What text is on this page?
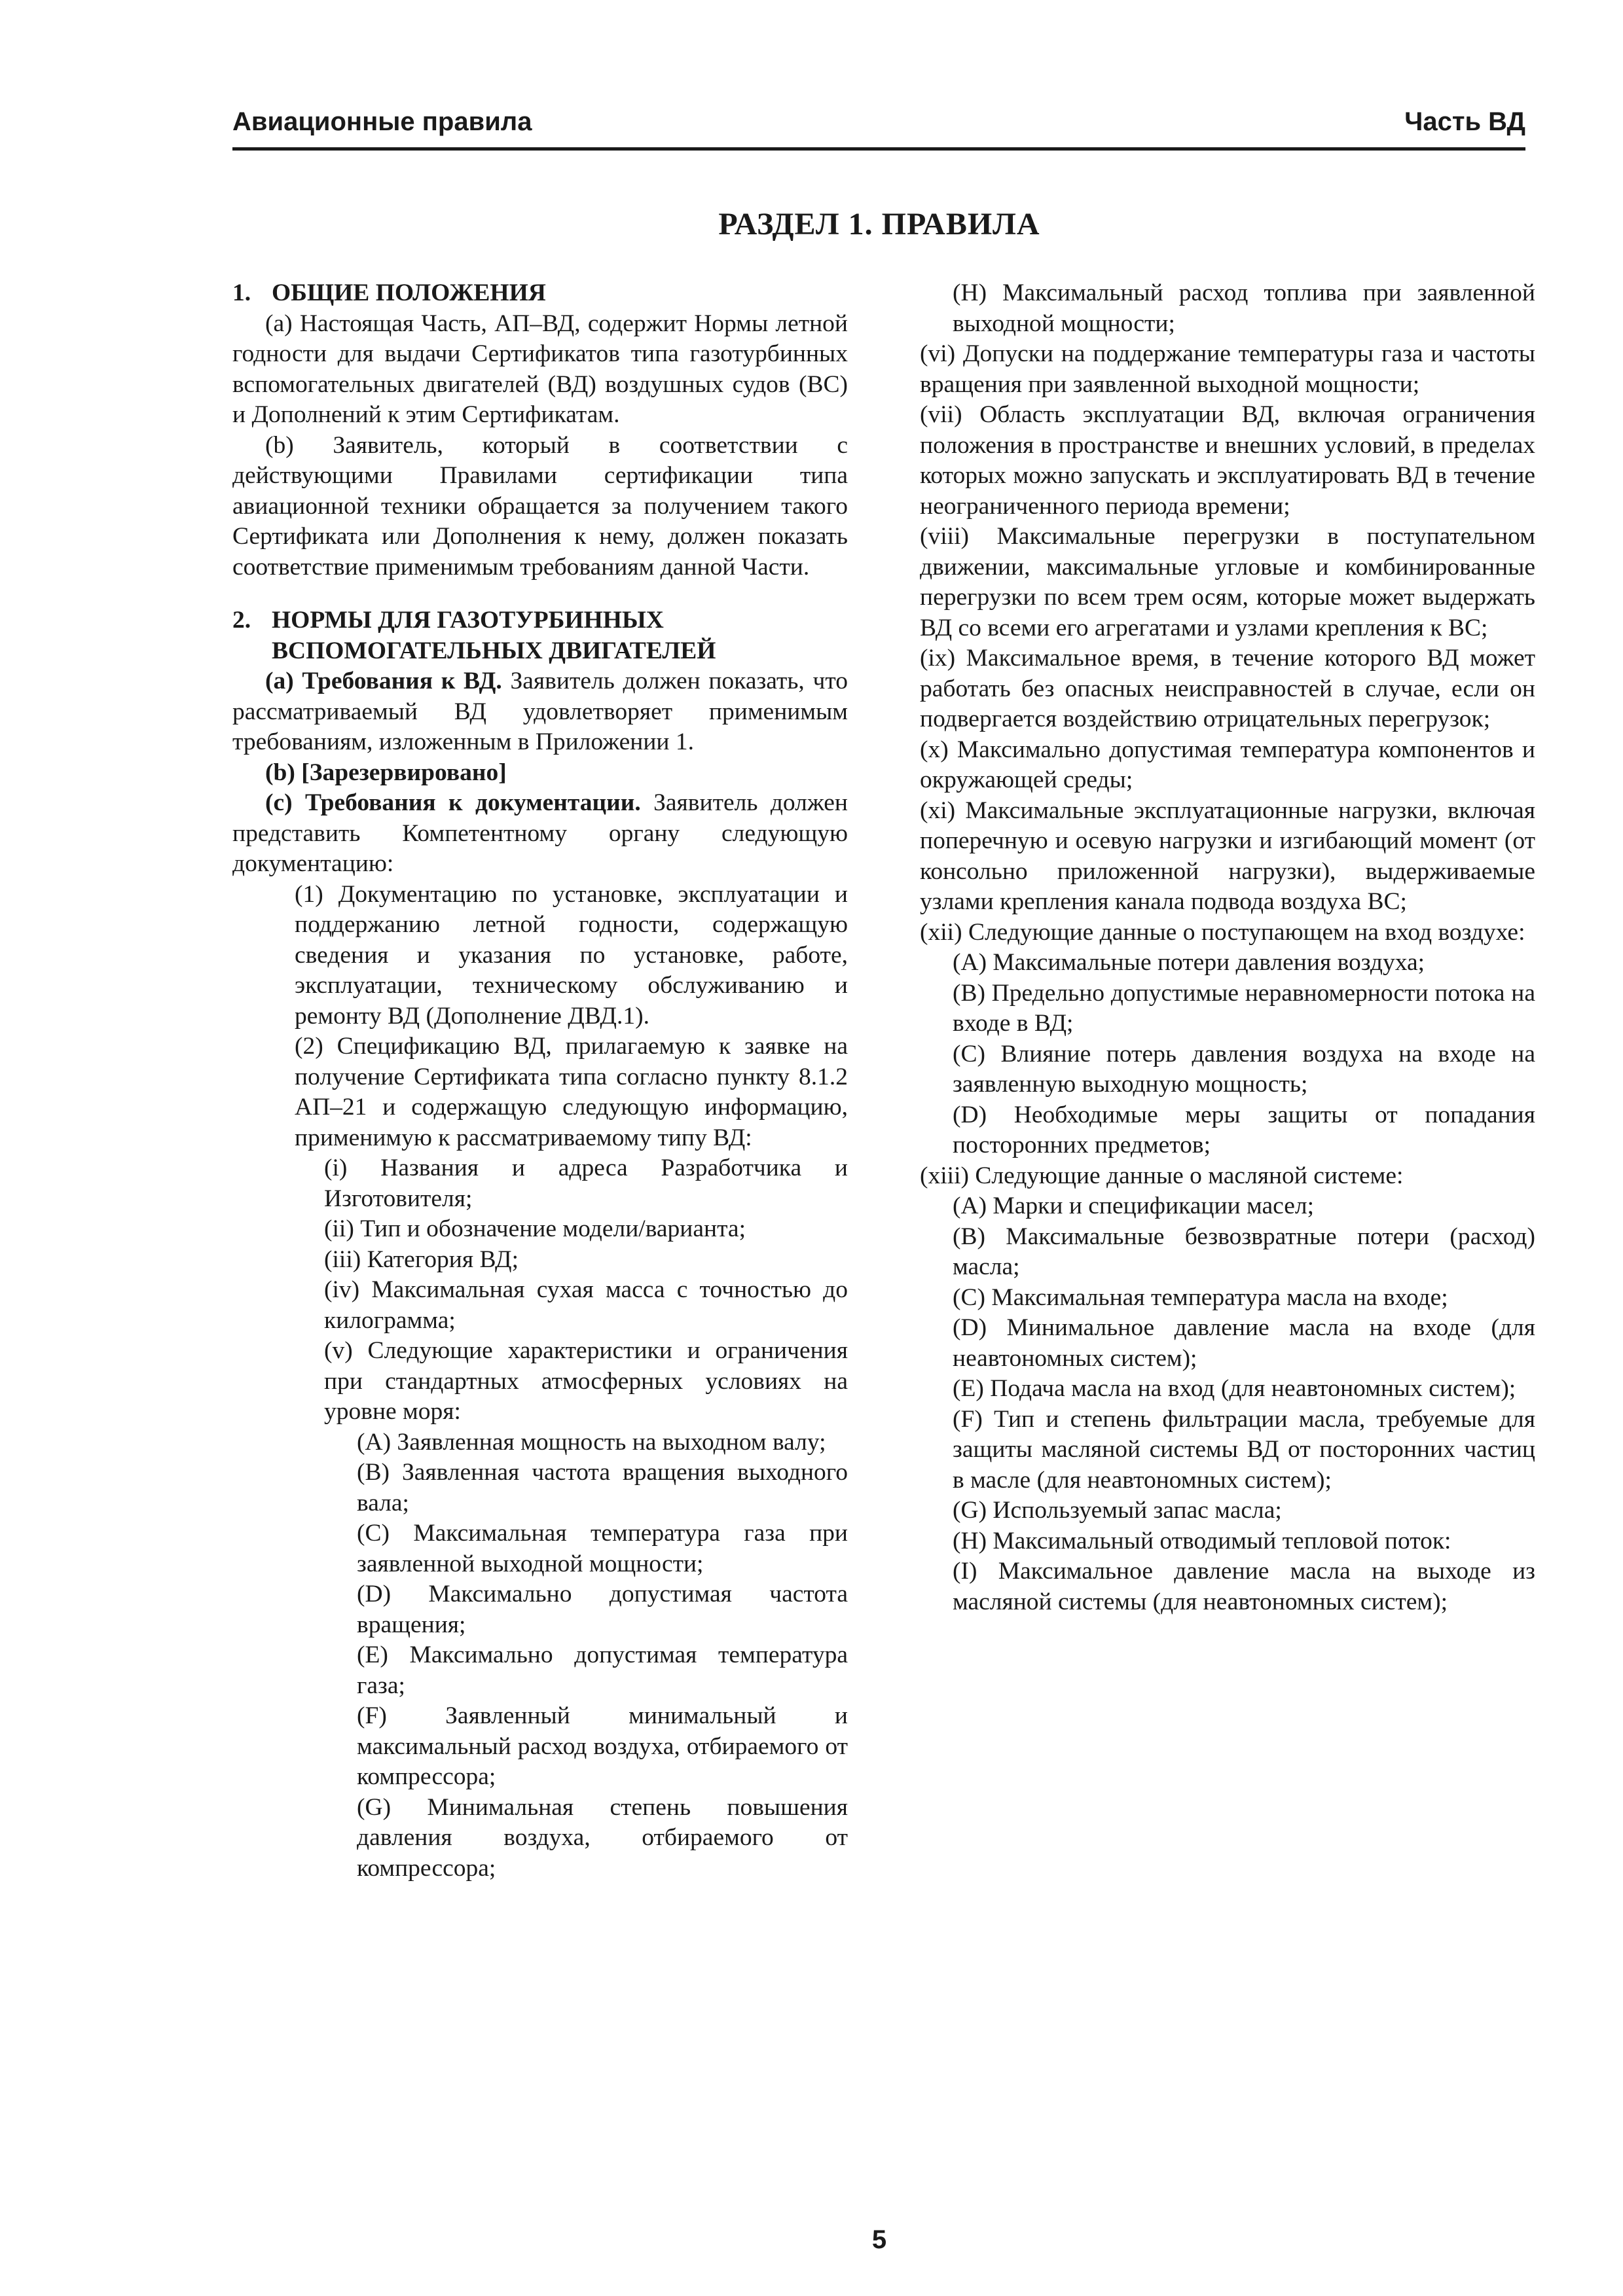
Авиационные правила	Часть ВД
РАЗДЕЛ 1. ПРАВИЛА

1. ОБЩИЕ ПОЛОЖЕНИЯ

(a) Настоящая Часть, АП–ВД, содержит Нормы летной годности для выдачи Сертификатов типа газотурбинных вспомогательных двигателей (ВД) воздушных судов (ВС) и Дополнений к этим Сертификатам.

(b) Заявитель, который в соответствии с действующими Правилами сертификации типа авиационной техники обращается за получением такого Сертификата или Дополнения к нему, должен показать соответствие применимым требованиям данной Части.

2. НОРМЫ ДЛЯ ГАЗОТУРБИННЫХ

ВСПОМОГАТЕЛЬНЫХ ДВИГАТЕЛЕЙ

(a) Требования к ВД. Заявитель должен показать, что рассматриваемый ВД удовлетворяет применимым требованиям, изложенным в Приложении 1.

(b) [Зарезервировано]

(c) Требования к документации. Заявитель должен представить Компетентному органу следующую документацию:

(1) Документацию по установке, эксплуатации и поддержанию летной годности, содержащую сведения и указания по установке, работе, эксплуатации, техническому обслуживанию и ремонту ВД (Дополнение ДВД.1).

(2) Спецификацию ВД, прилагаемую к заявке на получение Сертификата типа согласно пункту 8.1.2 АП–21 и содержащую следующую информацию, применимую к рассматриваемому типу ВД:

(i) Названия и адреса Разработчика и Изготовителя;

(ii) Тип и обозначение модели/варианта;

(iii) Категория ВД;

(iv) Максимальная сухая масса с точностью до килограмма;

(v) Следующие характеристики и ограничения при стандартных атмосферных условиях на уровне моря:

(A) Заявленная мощность на выходном валу;

(B) Заявленная частота вращения выходного вала;

(C) Максимальная температура газа при заявленной выходной мощности;

(D) Максимально допустимая частота вращения;

(E) Максимально допустимая температура газа;

(F) Заявленный минимальный и максимальный расход воздуха, отбираемого от компрессора;

(G) Минимальная степень повышения давления воздуха, отбираемого от компрессора;

(H) Максимальный расход топлива при заявленной выходной мощности;

(vi) Допуски на поддержание температуры газа и частоты вращения при заявленной выходной мощности;

(vii) Область эксплуатации ВД, включая ограничения положения в пространстве и внешних условий, в пределах которых можно запускать и эксплуатировать ВД в течение неограниченного периода времени;

(viii) Максимальные перегрузки в поступательном движении, максимальные угловые и комбинированные перегрузки по всем трем осям, которые может выдержать ВД со всеми его агрегатами и узлами крепления к ВС;

(ix) Максимальное время, в течение которого ВД может работать без опасных неисправностей в случае, если он подвергается воздействию отрицательных перегрузок;

(x) Максимально допустимая температура компонентов и окружающей среды;

(xi) Максимальные эксплуатационные нагрузки, включая поперечную и осевую нагрузки и изгибающий момент (от консольно приложенной нагрузки), выдерживаемые узлами крепления канала подвода воздуха ВС;

(xii) Следующие данные о поступающем на вход воздухе:

(A) Максимальные потери давления воздуха;

(B) Предельно допустимые неравномерности потока на входе в ВД;

(C) Влияние потерь давления воздуха на входе на заявленную выходную мощность;

(D) Необходимые меры защиты от попадания посторонних предметов;

(xiii) Следующие данные о масляной системе:

(A) Марки и спецификации масел;

(B) Максимальные безвозвратные потери (расход) масла;

(C) Максимальная температура масла на входе;

(D) Минимальное давление масла на входе (для неавтономных систем);

(E) Подача масла на вход (для неавтономных систем);

(F) Тип и степень фильтрации масла, требуемые для защиты масляной системы ВД от посторонних частиц в масле (для неавтономных систем);

(G) Используемый запас масла;

(H) Максимальный отводимый тепловой поток:

(I) Максимальное давление масла на выходе из масляной системы (для неавтономных систем);

5
